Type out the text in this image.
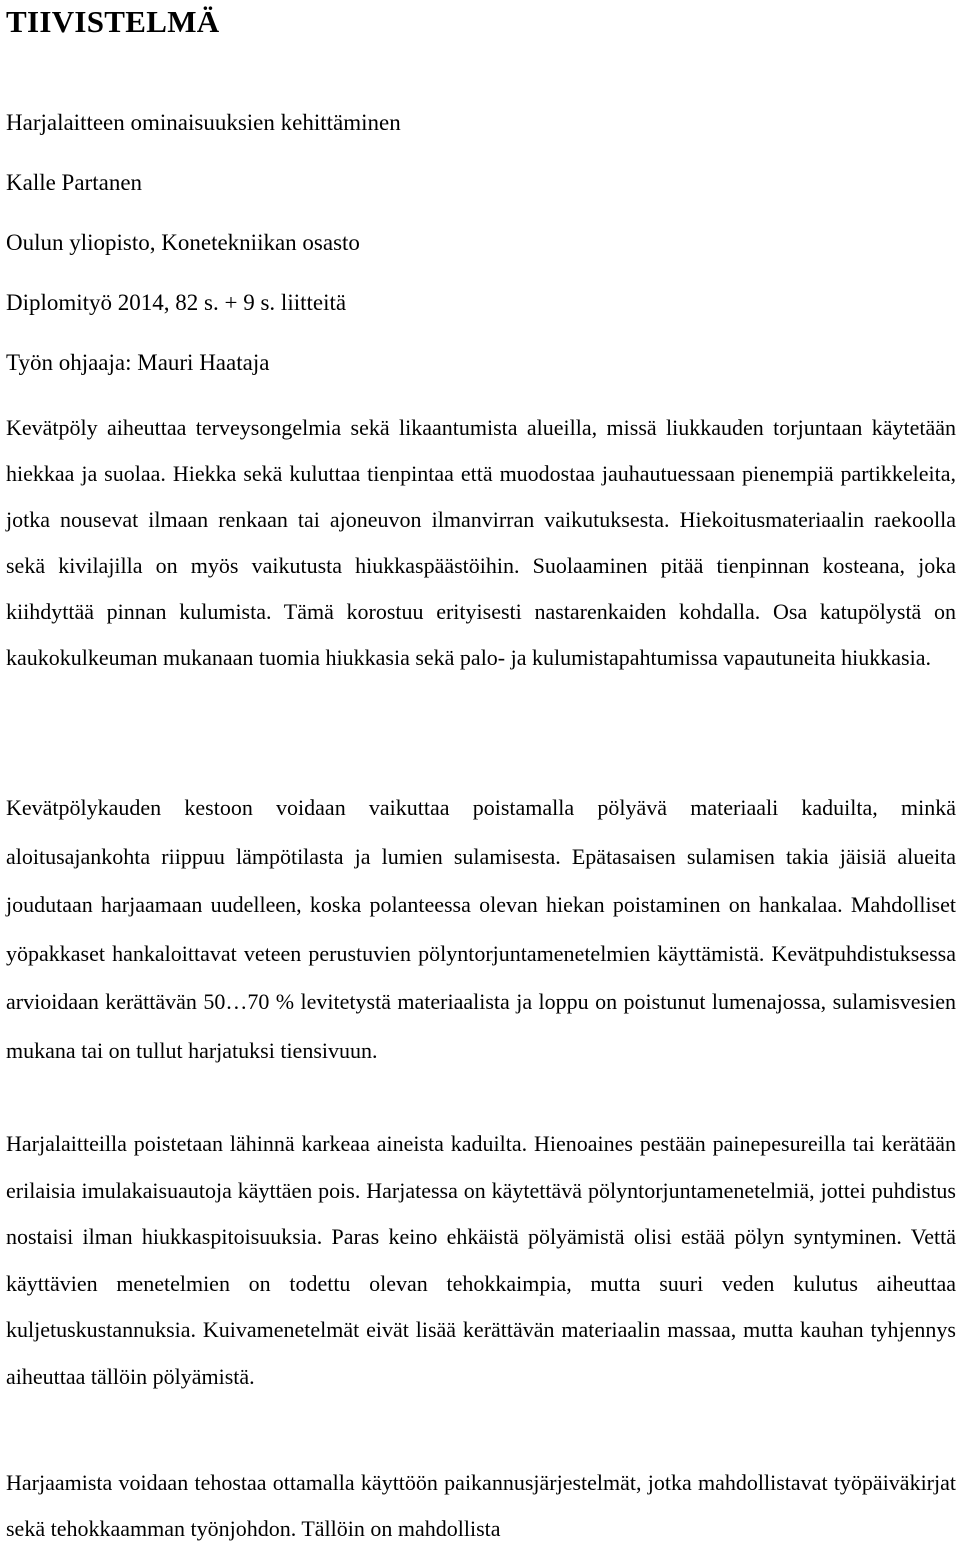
TIIVISTELMÄ

Harjalaitteen ominaisuuksien kehittäminen

Kalle Partanen

Oulun yliopisto, Konetekniikan osasto

Diplomityö 2014, 82 s. + 9 s. liitteitä

Työn ohjaaja: Mauri Haataja

Kevätpöly aiheuttaa terveysongelmia sekä likaantumista alueilla, missä liukkauden torjuntaan käytetään hiekkaa ja suolaa. Hiekka sekä kuluttaa tienpintaa että muodostaa jauhautuessaan pienempiä partikkeleita, jotka nousevat ilmaan renkaan tai ajoneuvon ilmanvirran vaikutuksesta. Hiekoitusmateriaalin raekoolla sekä kivilajilla on myös vaikutusta hiukkaspäästöihin. Suolaaminen pitää tienpinnan kosteana, joka kiihdyttää pinnan kulumista. Tämä korostuu erityisesti nastarenkaiden kohdalla. Osa katupölystä on kaukokulkeuman mukanaan tuomia hiukkasia sekä palo- ja kulumistapahtumissa vapautuneita hiukkasia.

Kevätpölykauden kestoon voidaan vaikuttaa poistamalla pölyävä materiaali kaduilta, minkä aloitusajankohta riippuu lämpötilasta ja lumien sulamisesta. Epätasaisen sulamisen takia jäisiä alueita joudutaan harjaamaan uudelleen, koska polanteessa olevan hiekan poistaminen on hankalaa. Mahdolliset yöpakkaset hankaloittavat veteen perustuvien pölyntorjuntamenetelmien käyttämistä. Kevätpuhdistuksessa arvioidaan kerättävän 50…70 % levitetystä materiaalista ja loppu on poistunut lumenajossa, sulamisvesien mukana tai on tullut harjatuksi tiensivuun.

Harjalaitteilla poistetaan lähinnä karkeaa aineista kaduilta. Hienoaines pestään painepesureilla tai kerätään erilaisia imulakaisuautoja käyttäen pois. Harjatessa on käytettävä pölyntorjuntamenetelmiä, jottei puhdistus nostaisi ilman hiukkaspitoisuuksia. Paras keino ehkäistä pölyämistä olisi estää pölyn syntyminen. Vettä käyttävien menetelmien on todettu olevan tehokkaimpia, mutta suuri veden kulutus aiheuttaa kuljetuskustannuksia. Kuivamenetelmät eivät lisää kerättävän materiaalin massaa, mutta kauhan tyhjennys aiheuttaa tällöin pölyämistä.

Harjaamista voidaan tehostaa ottamalla käyttöön paikannusjärjestelmät, jotka mahdollistavat työpäiväkirjat sekä tehokkaamman työnjohdon. Tällöin on mahdollista
